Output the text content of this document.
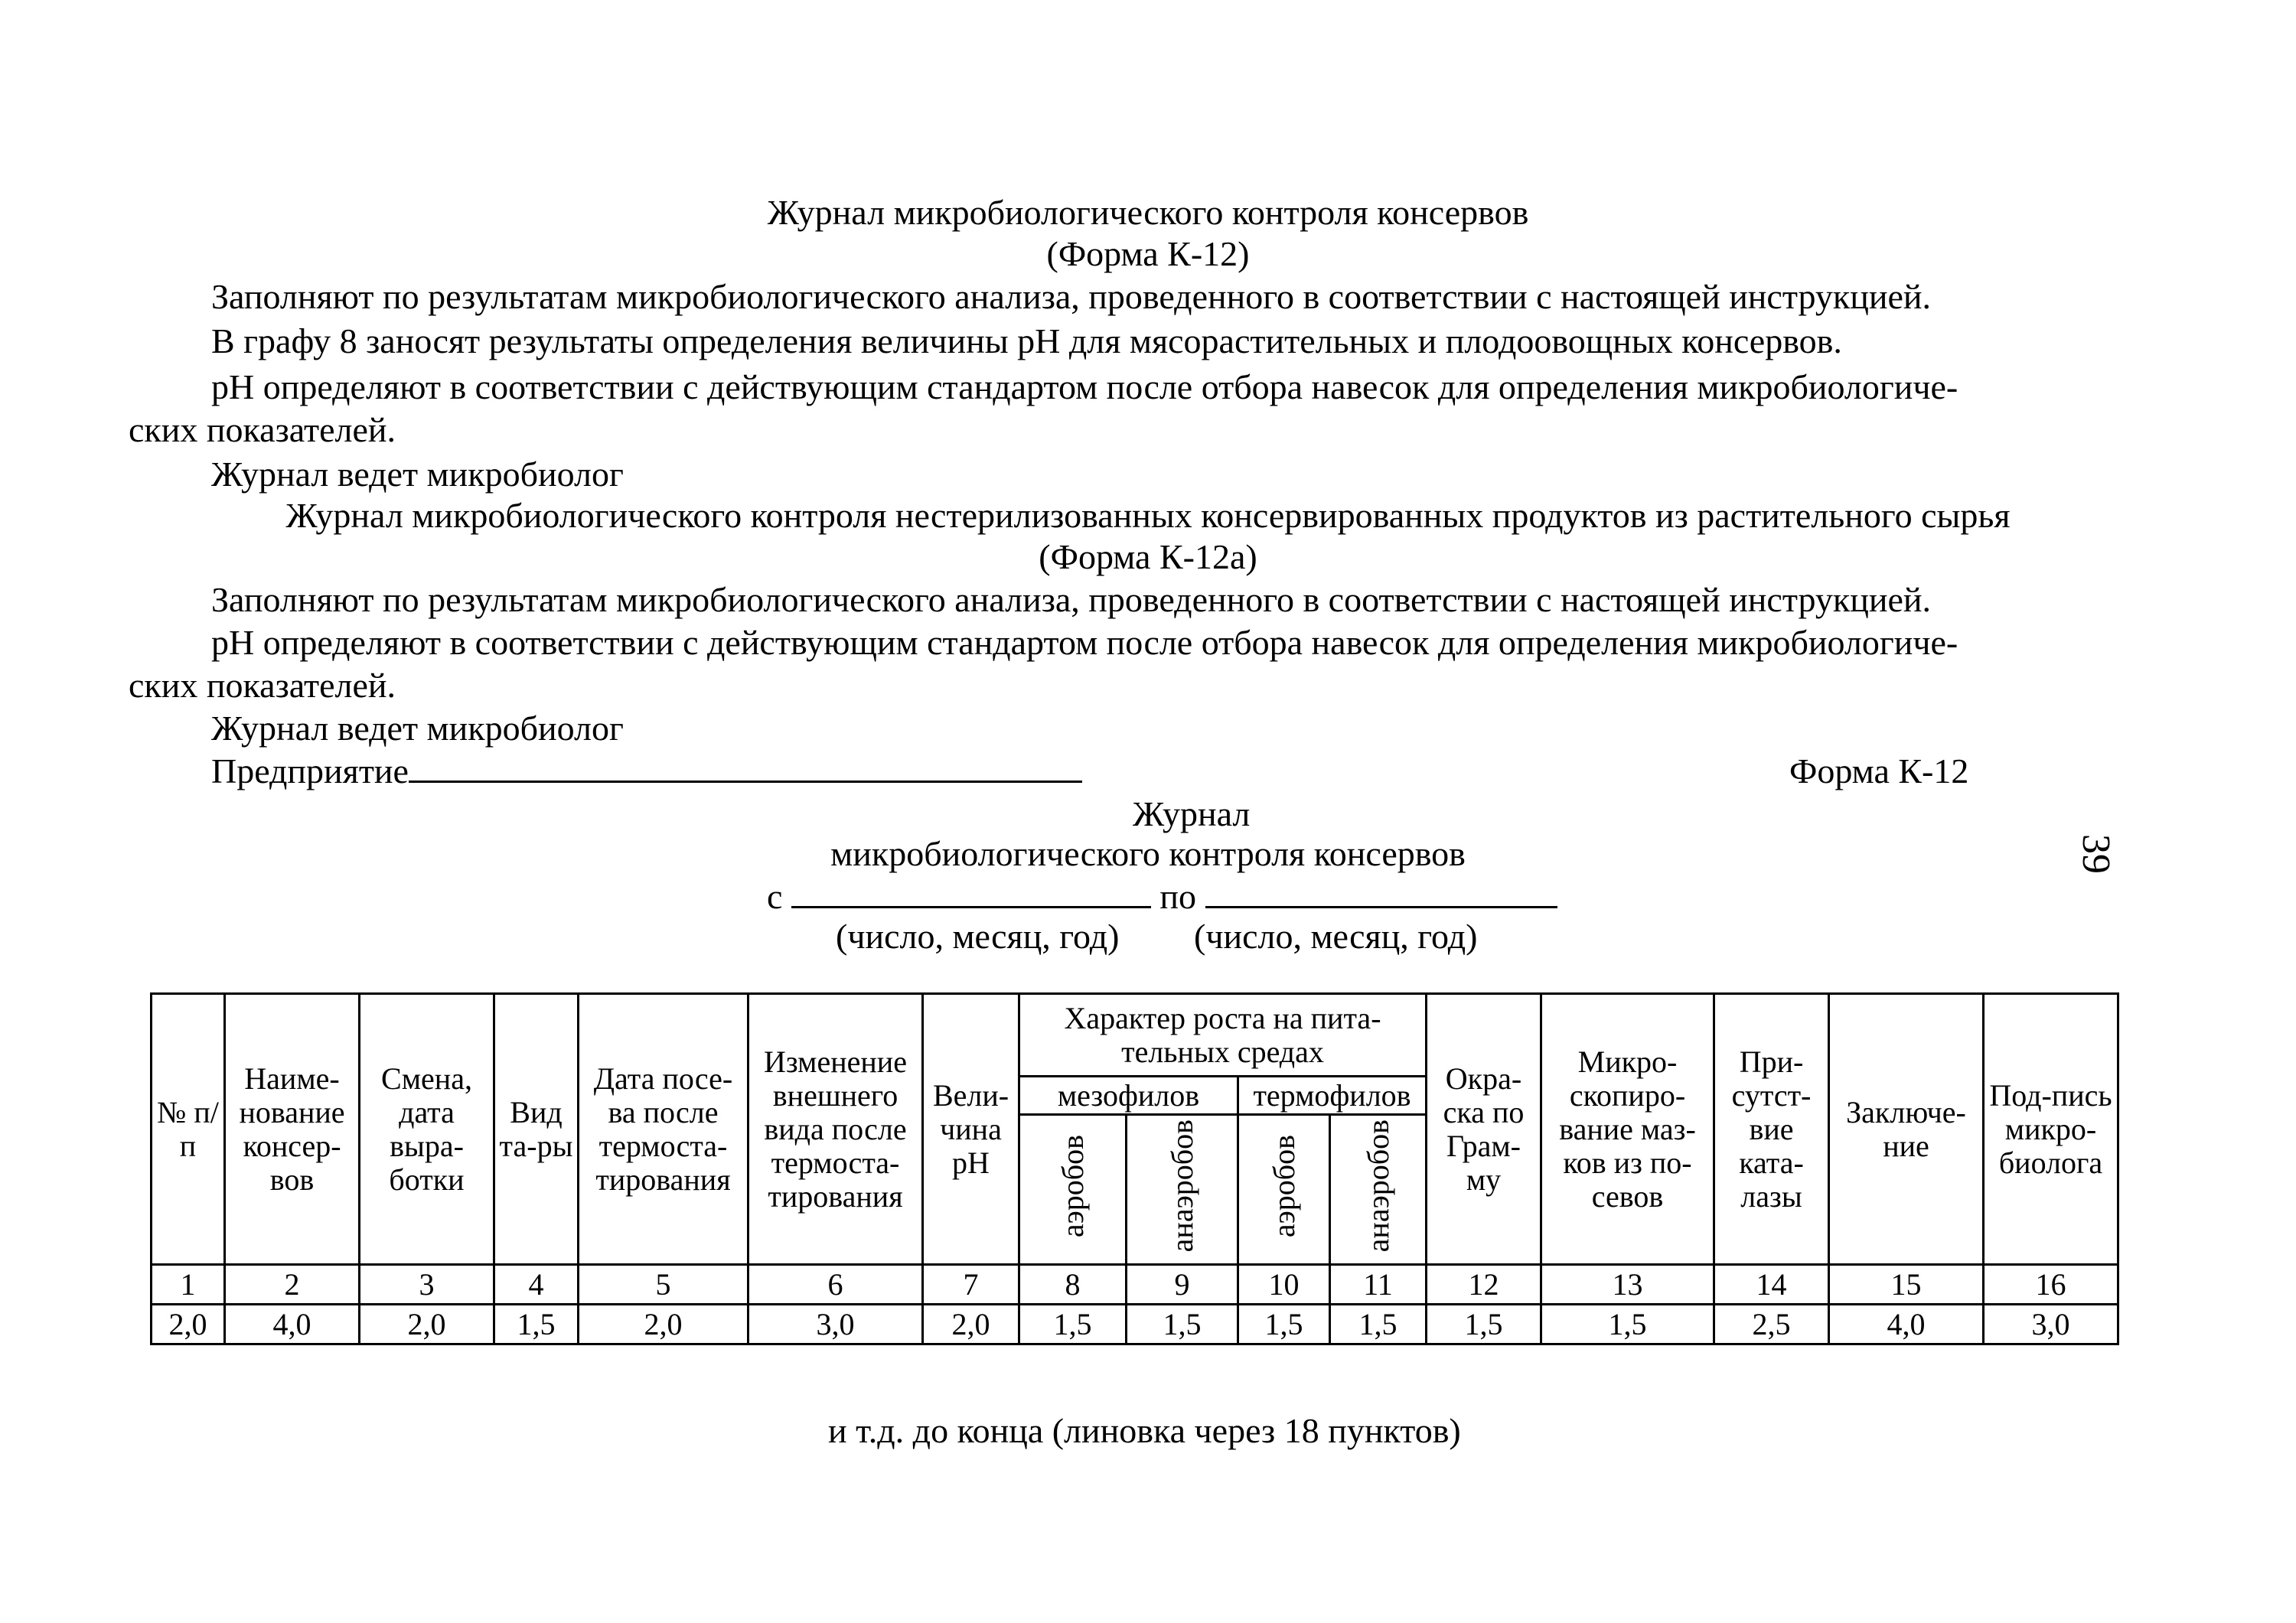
Журнал микробиологического контроля консервов
(Форма К-12)
Заполняют по результатам микробиологического анализа, проведенного в соответствии с настоящей инструкцией.
В графу 8 заносят результаты определения величины pH для мясорастительных и плодоовощных консервов.
pH определяют в соответствии с действующим стандартом после отбора навесок для определения микробиологиче-
ских показателей.
Журнал ведет микробиолог
Журнал микробиологического контроля нестерилизованных консервированных продуктов из растительного сырья
(Форма К-12а)
Заполняют по результатам микробиологического анализа, проведенного в соответствии с настоящей инструкцией.
pH определяют в соответствии с действующим стандартом после отбора навесок для определения микробиологиче-
ских показателей.
Журнал ведет микробиолог
Предприятие	Форма К-12
Журнал
микробиологического контроля консервов
с	по
(число, месяц, год) (число, месяц, год)
39
№ п/п	Наиме-нование консер-вов	Смена, дата выра-ботки	Вид та-ры	Дата посе-ва после термоста-тирования	Изменение внешнего вида после термоста-тирования	Вели-чина pH	Характер роста на пита-тельных средах				Окра-ска по Грам-му	Микро-скопиро-вание маз-ков из по-севов	При-сутст-вие ката-лазы	Заключе-ние	Под-пись микро-биолога

							мезофилов		термофилов						
							аэробов	анаэробов	аэробов	анаэробов					
1	2	3	4	5	6	7	8	9	10	11	12	13	14	15	16
2,0	4,0	2,0	1,5	2,0	3,0	2,0	1,5	1,5	1,5	1,5	1,5	1,5	2,5	4,0	3,0
и т.д. до конца (линовка через 18 пунктов)
